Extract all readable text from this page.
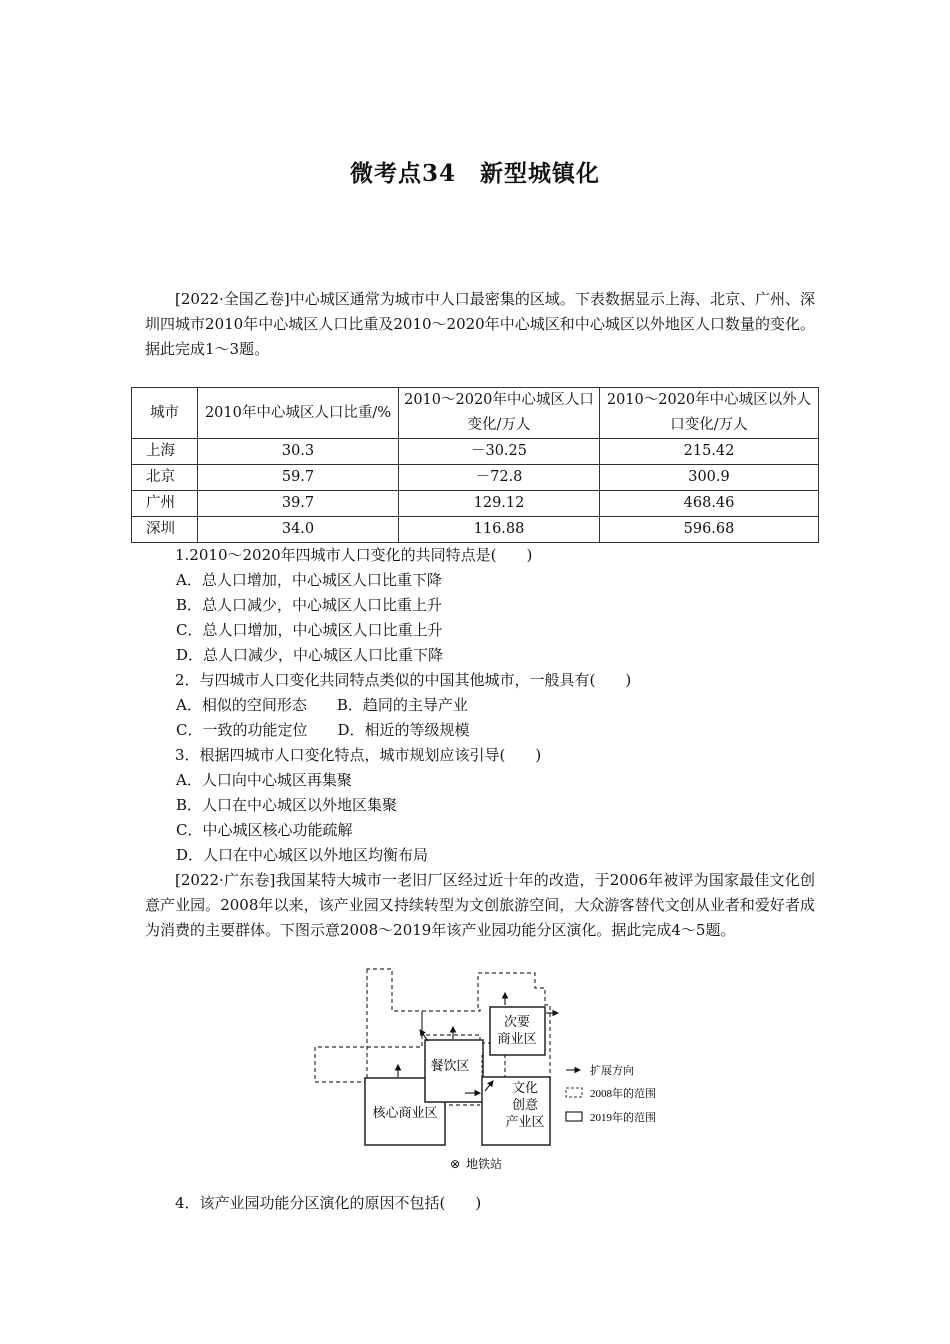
微考点34　新型城镇化
[2022·全国乙卷]中心城区通常为城市中人口最密集的区域。下表数据显示上海、北京、广州、深圳四城市2010年中心城区人口比重及2010～2020年中心城区和中心城区以外地区人口数量的变化。据此完成1～3题。
城市	2010年中心城区人口比重/%	2010～2020年中心城区人口变化/万人	2010～2020年中心城区以外人口变化/万人
上海	30.3	－30.25	215.42
北京	59.7	－72.8	300.9
广州	39.7	129.12	468.46
深圳	34.0	116.88	596.68
1.2010～2020年四城市人口变化的共同特点是(　　)
A．总人口增加，中心城区人口比重下降
B．总人口减少，中心城区人口比重上升
C．总人口增加，中心城区人口比重上升
D．总人口减少，中心城区人口比重下降
2．与四城市人口变化共同特点类似的中国其他城市，一般具有(　　)
A．相似的空间形态　　B．趋同的主导产业
C．一致的功能定位　　D．相近的等级规模
3．根据四城市人口变化特点，城市规划应该引导(　　)
A．人口向中心城区再集聚
B．人口在中心城区以外地区集聚
C．中心城区核心功能疏解
D．人口在中心城区以外地区均衡布局
[2022·广东卷]我国某特大城市一老旧厂区经过近十年的改造，于2006年被评为国家最佳文化创意产业园。2008年以来，该产业园又持续转型为文创旅游空间，大众游客替代文创从业者和爱好者成为消费的主要群体。下图示意2008～2019年该产业园功能分区演化。据此完成4～5题。
核心商业区
餐饮区
次要
商业区
文化
创意
产业区
扩展方向
2008年的范围
2019年的范围
⊗ 地铁站
4．该产业园功能分区演化的原因不包括(　　)
